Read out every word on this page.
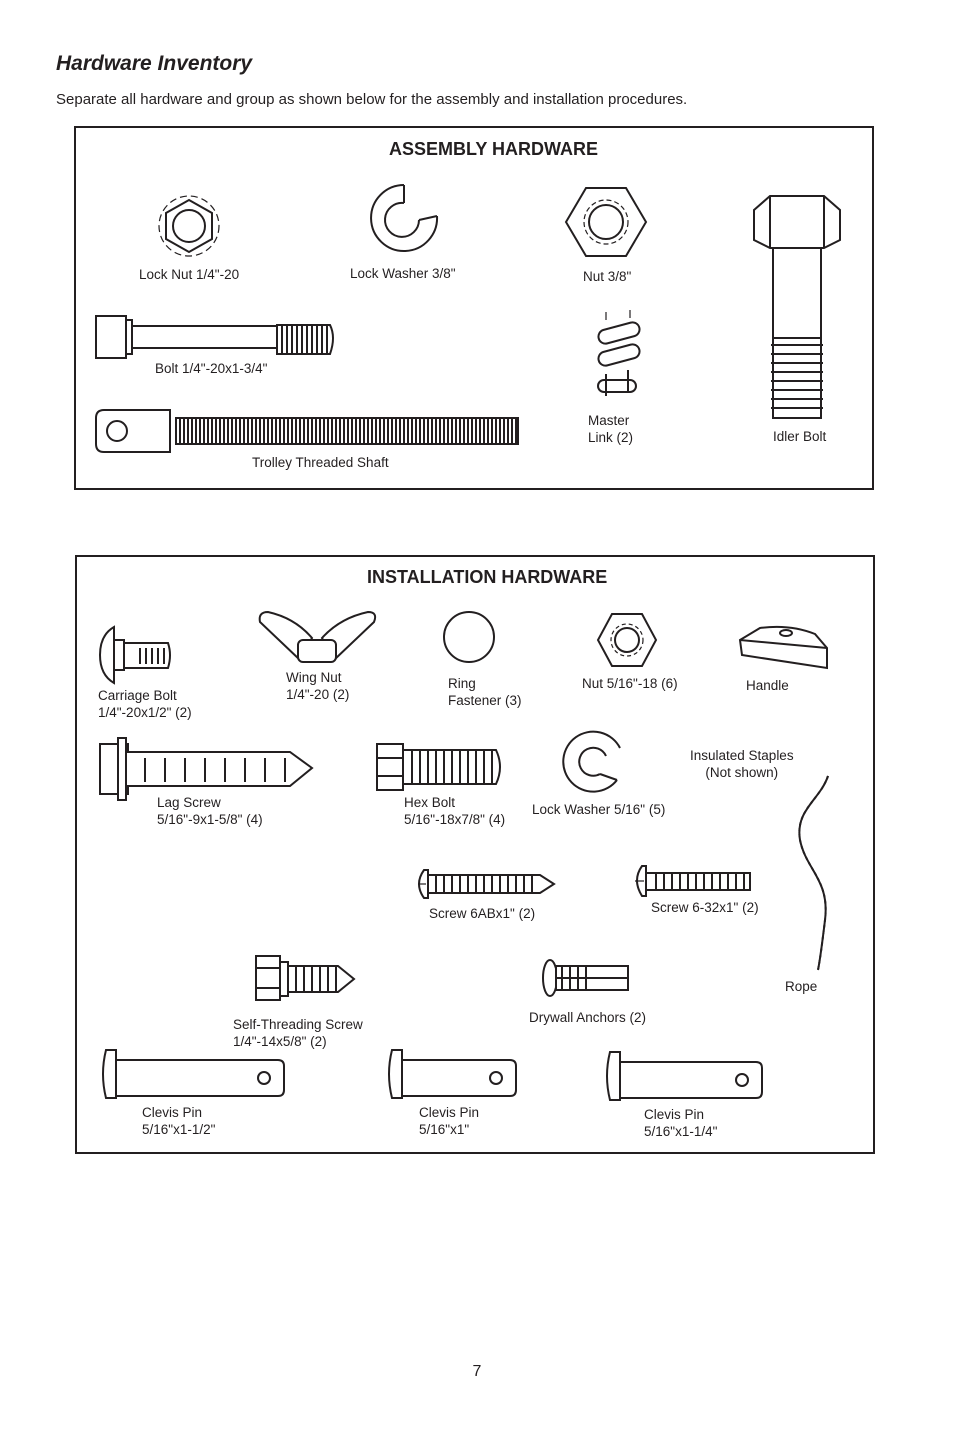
Hardware Inventory
Separate all hardware and group as shown below for the assembly and installation procedures.
ASSEMBLY HARDWARE
INSTALLATION HARDWARE
Lock Nut 1/4"-20	Lock Washer 3/8"	Nut 3/8"
Bolt 1/4"-20x1-3/4"
Master
Link (2)	Idler Bolt
Trolley Threaded Shaft
Carriage Bolt
1/4"-20x1/2" (2)
Wing Nut
1/4"-20 (2)
Ring
Fastener (3)
Nut 5/16"-18 (6)	Handle
Lag Screw
5/16"-9x1-5/8" (4)
Hex Bolt
5/16"-18x7/8" (4)
Lock Washer 5/16" (5)
Insulated Staples
(Not shown)
Screw 6ABx1" (2)	Screw 6-32x1" (2)
Self-Threading Screw
1/4"-14x5/8" (2)
Drywall Anchors (2)
Rope
Clevis Pin
5/16"x1-1/2"
Clevis Pin
5/16"x1"
Clevis Pin
5/16"x1-1/4"
7
